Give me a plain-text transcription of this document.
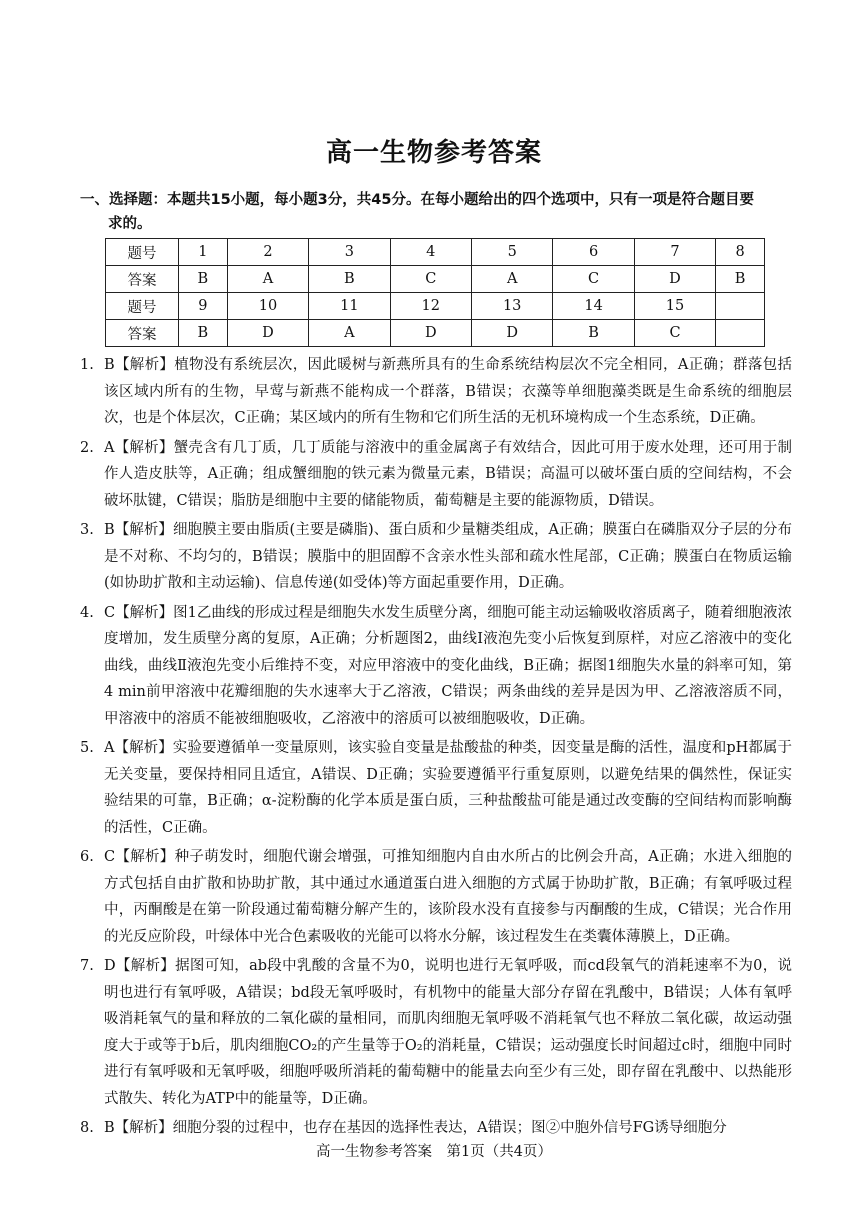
高一生物参考答案
一、选择题：本题共15小题，每小题3分，共45分。在每小题给出的四个选项中，只有一项是符合题目要
求的。
题号	1	2	3	4	5	6	7	8
答案	B	A	B	C	A	C	D	B
题号	9	10	11	12	13	14	15	
答案	B	D	A	D	D	B	C	
1. B【解析】植物没有系统层次，因此暖树与新燕所具有的生命系统结构层次不完全相同，A正确；群落包括该区域内所有的生物，早莺与新燕不能构成一个群落，B错误；衣藻等单细胞藻类既是生命系统的细胞层次，也是个体层次，C正确；某区域内的所有生物和它们所生活的无机环境构成一个生态系统，D正确。
2. A【解析】蟹壳含有几丁质，几丁质能与溶液中的重金属离子有效结合，因此可用于废水处理，还可用于制作人造皮肤等，A正确；组成蟹细胞的铁元素为微量元素，B错误；高温可以破坏蛋白质的空间结构，不会破坏肽键，C错误；脂肪是细胞中主要的储能物质，葡萄糖是主要的能源物质，D错误。
3. B【解析】细胞膜主要由脂质(主要是磷脂)、蛋白质和少量糖类组成，A正确；膜蛋白在磷脂双分子层的分布是不对称、不均匀的，B错误；膜脂中的胆固醇不含亲水性头部和疏水性尾部，C正确；膜蛋白在物质运输(如协助扩散和主动运输)、信息传递(如受体)等方面起重要作用，D正确。
4. C【解析】图1乙曲线的形成过程是细胞失水发生质壁分离，细胞可能主动运输吸收溶质离子，随着细胞液浓度增加，发生质壁分离的复原，A正确；分析题图2，曲线Ⅰ液泡先变小后恢复到原样，对应乙溶液中的变化曲线，曲线Ⅱ液泡先变小后维持不变，对应甲溶液中的变化曲线，B正确；据图1细胞失水量的斜率可知，第4 min前甲溶液中花瓣细胞的失水速率大于乙溶液，C错误；两条曲线的差异是因为甲、乙溶液溶质不同，甲溶液中的溶质不能被细胞吸收，乙溶液中的溶质可以被细胞吸收，D正确。
5. A【解析】实验要遵循单一变量原则，该实验自变量是盐酸盐的种类，因变量是酶的活性，温度和pH都属于无关变量，要保持相同且适宜，A错误、D正确；实验要遵循平行重复原则，以避免结果的偶然性，保证实验结果的可靠，B正确；α-淀粉酶的化学本质是蛋白质，三种盐酸盐可能是通过改变酶的空间结构而影响酶的活性，C正确。
6. C【解析】种子萌发时，细胞代谢会增强，可推知细胞内自由水所占的比例会升高，A正确；水进入细胞的方式包括自由扩散和协助扩散，其中通过水通道蛋白进入细胞的方式属于协助扩散，B正确；有氧呼吸过程中，丙酮酸是在第一阶段通过葡萄糖分解产生的，该阶段水没有直接参与丙酮酸的生成，C错误；光合作用的光反应阶段，叶绿体中光合色素吸收的光能可以将水分解，该过程发生在类囊体薄膜上，D正确。
7. D【解析】据图可知，ab段中乳酸的含量不为0，说明也进行无氧呼吸，而cd段氧气的消耗速率不为0，说明也进行有氧呼吸，A错误；bd段无氧呼吸时，有机物中的能量大部分存留在乳酸中，B错误；人体有氧呼吸消耗氧气的量和释放的二氧化碳的量相同，而肌肉细胞无氧呼吸不消耗氧气也不释放二氧化碳，故运动强度大于或等于b后，肌肉细胞CO₂的产生量等于O₂的消耗量，C错误；运动强度长时间超过c时，细胞中同时进行有氧呼吸和无氧呼吸，细胞呼吸所消耗的葡萄糖中的能量去向至少有三处，即存留在乳酸中、以热能形式散失、转化为ATP中的能量等，D正确。
8. B【解析】细胞分裂的过程中，也存在基因的选择性表达，A错误；图②中胞外信号FG诱导细胞分
高一生物参考答案　第1页（共4页）
